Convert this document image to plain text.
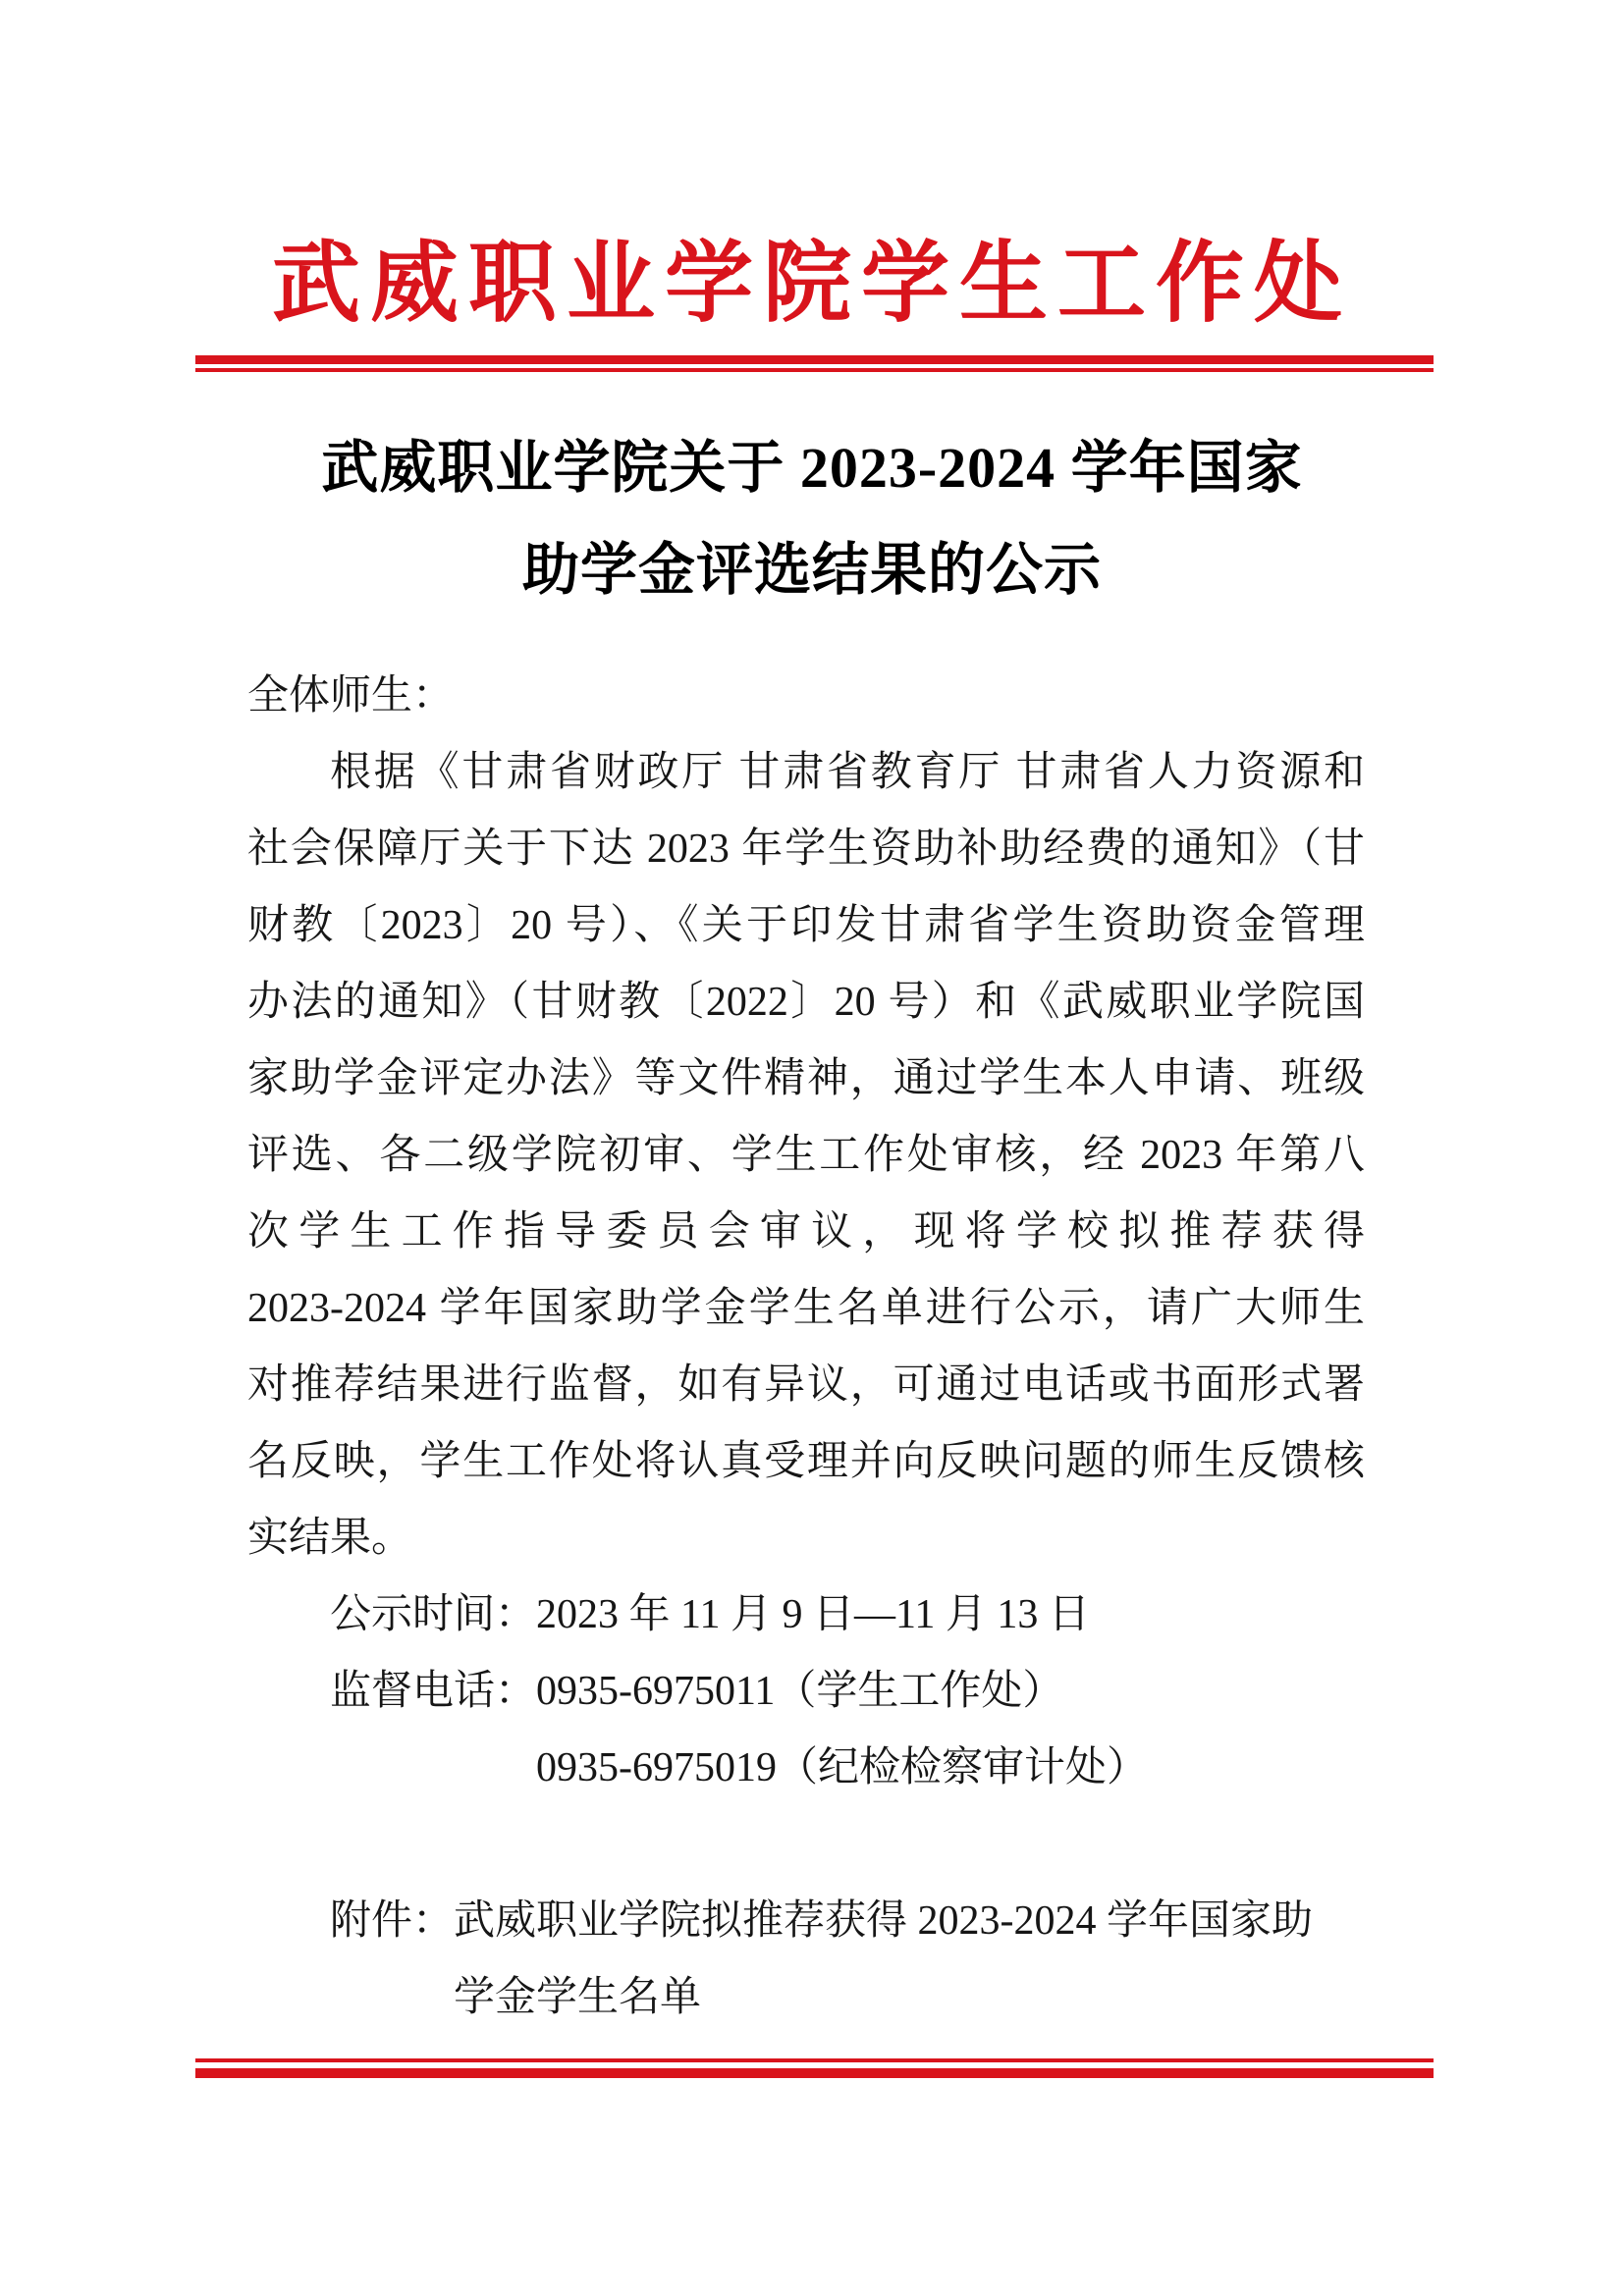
武威职业学院学生工作处
武威职业学院关于 2023-2024 学年国家
助学金评选结果的公示
全体师生：
根据《甘肃省财政厅 甘肃省教育厅 甘肃省人力资源和
社会保障厅关于下达 2023 年学生资助补助经费的通知》（甘
财教〔2023〕20 号）、《关于印发甘肃省学生资助资金管理
办法的通知》（甘财教〔2022〕20 号）和《武威职业学院国
家助学金评定办法》等文件精神，通过学生本人申请、班级
评选、各二级学院初审、学生工作处审核，经 2023 年第八
次学生工作指导委员会审议，现将学校拟推荐获得
2023-2024 学年国家助学金学生名单进行公示，请广大师生
对推荐结果进行监督，如有异议，可通过电话或书面形式署
名反映，学生工作处将认真受理并向反映问题的师生反馈核
实结果。
公示时间：2023 年 11 月 9 日—11 月 13 日
监督电话：0935-6975011（学生工作处）
0935-6975019（纪检检察审计处）
附件：武威职业学院拟推荐获得 2023-2024 学年国家助
学金学生名单
